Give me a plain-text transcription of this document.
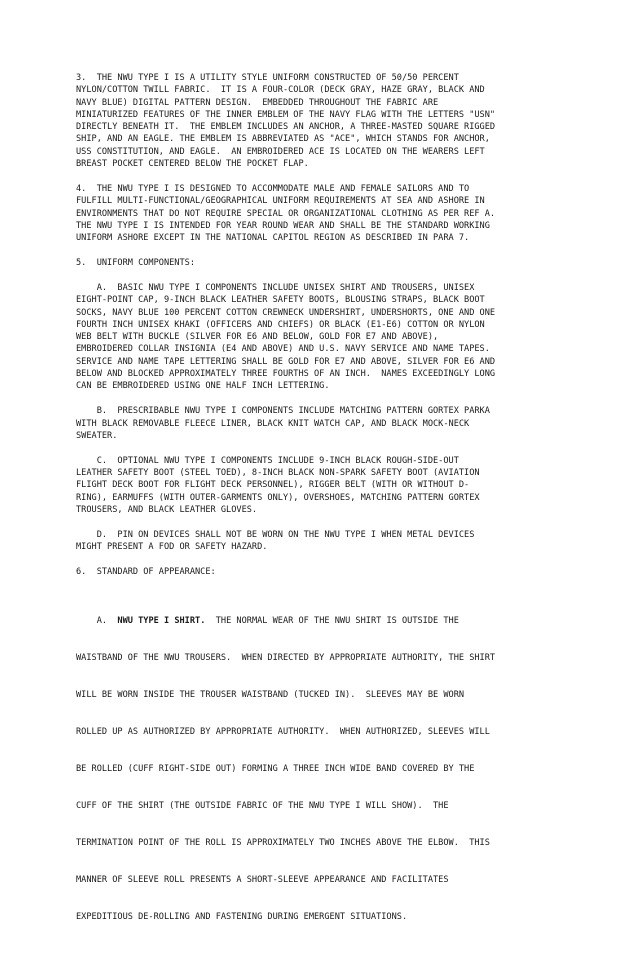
3.  THE NWU TYPE I IS A UTILITY STYLE UNIFORM CONSTRUCTED OF 50/50 PERCENT
NYLON/COTTON TWILL FABRIC.  IT IS A FOUR-COLOR (DECK GRAY, HAZE GRAY, BLACK AND
NAVY BLUE) DIGITAL PATTERN DESIGN.  EMBEDDED THROUGHOUT THE FABRIC ARE
MINIATURIZED FEATURES OF THE INNER EMBLEM OF THE NAVY FLAG WITH THE LETTERS "USN"
DIRECTLY BENEATH IT.  THE EMBLEM INCLUDES AN ANCHOR, A THREE-MASTED SQUARE RIGGED
SHIP, AND AN EAGLE. THE EMBLEM IS ABBREVIATED AS "ACE", WHICH STANDS FOR ANCHOR,
USS CONSTITUTION, AND EAGLE.  AN EMBROIDERED ACE IS LOCATED ON THE WEARERS LEFT
BREAST POCKET CENTERED BELOW THE POCKET FLAP.
4.  THE NWU TYPE I IS DESIGNED TO ACCOMMODATE MALE AND FEMALE SAILORS AND TO
FULFILL MULTI-FUNCTIONAL/GEOGRAPHICAL UNIFORM REQUIREMENTS AT SEA AND ASHORE IN
ENVIRONMENTS THAT DO NOT REQUIRE SPECIAL OR ORGANIZATIONAL CLOTHING AS PER REF A.
THE NWU TYPE I IS INTENDED FOR YEAR ROUND WEAR AND SHALL BE THE STANDARD WORKING
UNIFORM ASHORE EXCEPT IN THE NATIONAL CAPITOL REGION AS DESCRIBED IN PARA 7.
5.  UNIFORM COMPONENTS:
A.  BASIC NWU TYPE I COMPONENTS INCLUDE UNISEX SHIRT AND TROUSERS, UNISEX
EIGHT-POINT CAP, 9-INCH BLACK LEATHER SAFETY BOOTS, BLOUSING STRAPS, BLACK BOOT
SOCKS, NAVY BLUE 100 PERCENT COTTON CREWNECK UNDERSHIRT, UNDERSHORTS, ONE AND ONE
FOURTH INCH UNISEX KHAKI (OFFICERS AND CHIEFS) OR BLACK (E1-E6) COTTON OR NYLON
WEB BELT WITH BUCKLE (SILVER FOR E6 AND BELOW, GOLD FOR E7 AND ABOVE),
EMBROIDERED COLLAR INSIGNIA (E4 AND ABOVE) AND U.S. NAVY SERVICE AND NAME TAPES.
SERVICE AND NAME TAPE LETTERING SHALL BE GOLD FOR E7 AND ABOVE, SILVER FOR E6 AND
BELOW AND BLOCKED APPROXIMATELY THREE FOURTHS OF AN INCH.  NAMES EXCEEDINGLY LONG
CAN BE EMBROIDERED USING ONE HALF INCH LETTERING.
B.  PRESCRIBABLE NWU TYPE I COMPONENTS INCLUDE MATCHING PATTERN GORTEX PARKA
WITH BLACK REMOVABLE FLEECE LINER, BLACK KNIT WATCH CAP, AND BLACK MOCK-NECK
SWEATER.
C.  OPTIONAL NWU TYPE I COMPONENTS INCLUDE 9-INCH BLACK ROUGH-SIDE-OUT
LEATHER SAFETY BOOT (STEEL TOED), 8-INCH BLACK NON-SPARK SAFETY BOOT (AVIATION
FLIGHT DECK BOOT FOR FLIGHT DECK PERSONNEL), RIGGER BELT (WITH OR WITHOUT D-
RING), EARMUFFS (WITH OUTER-GARMENTS ONLY), OVERSHOES, MATCHING PATTERN GORTEX
TROUSERS, AND BLACK LEATHER GLOVES.
D.  PIN ON DEVICES SHALL NOT BE WORN ON THE NWU TYPE I WHEN METAL DEVICES
MIGHT PRESENT A FOD OR SAFETY HAZARD.
6.  STANDARD OF APPEARANCE:

A.  NWU TYPE I SHIRT.  THE NORMAL WEAR OF THE NWU SHIRT IS OUTSIDE THE

WAISTBAND OF THE NWU TROUSERS.  WHEN DIRECTED BY APPROPRIATE AUTHORITY, THE SHIRT

WILL BE WORN INSIDE THE TROUSER WAISTBAND (TUCKED IN).  SLEEVES MAY BE WORN

ROLLED UP AS AUTHORIZED BY APPROPRIATE AUTHORITY.  WHEN AUTHORIZED, SLEEVES WILL

BE ROLLED (CUFF RIGHT-SIDE OUT) FORMING A THREE INCH WIDE BAND COVERED BY THE

CUFF OF THE SHIRT (THE OUTSIDE FABRIC OF THE NWU TYPE I WILL SHOW).  THE

TERMINATION POINT OF THE ROLL IS APPROXIMATELY TWO INCHES ABOVE THE ELBOW.  THIS

MANNER OF SLEEVE ROLL PRESENTS A SHORT-SLEEVE APPEARANCE AND FACILITATES

EXPEDITIOUS DE-ROLLING AND FASTENING DURING EMERGENT SITUATIONS.
